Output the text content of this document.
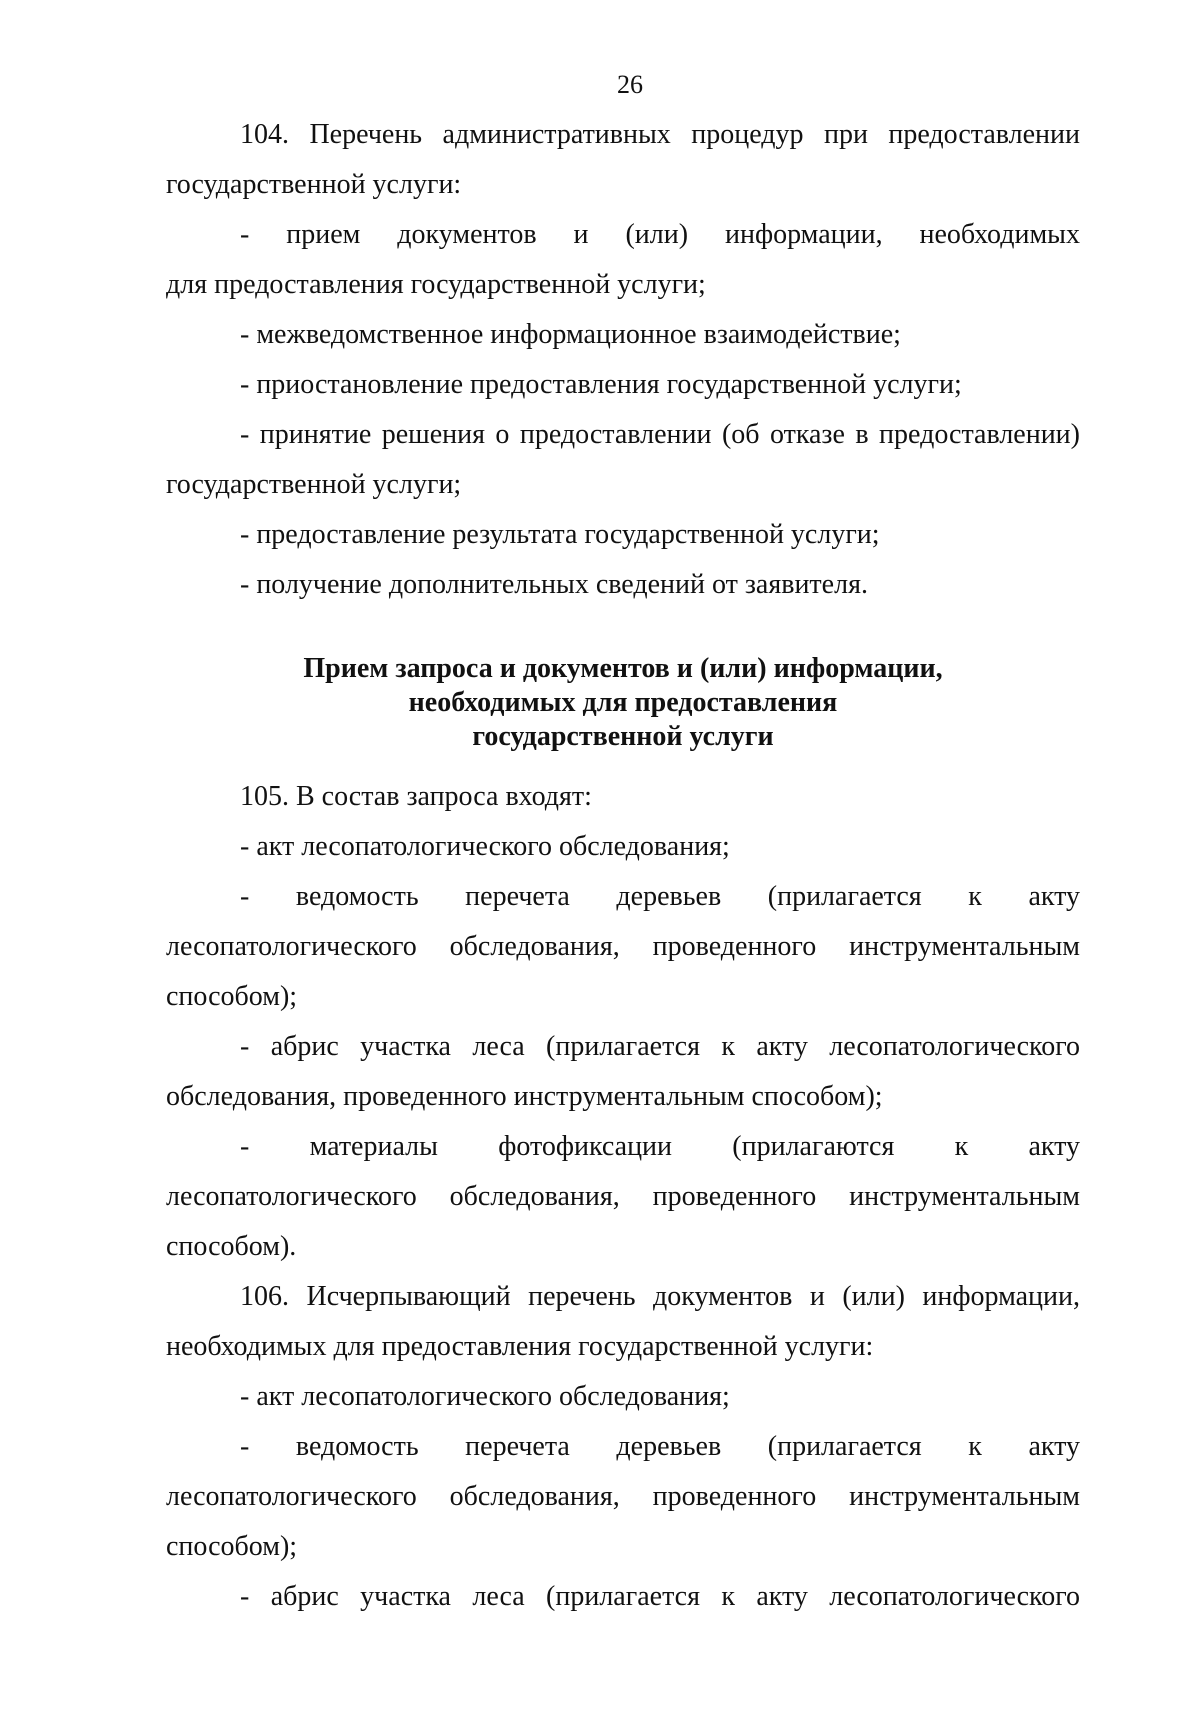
26
104. Перечень административных процедур при предоставлении
государственной услуги:
- прием документов и (или) информации, необходимых
для предоставления государственной услуги;
- межведомственное информационное взаимодействие;
- приостановление предоставления государственной услуги;
- принятие решения о предоставлении (об отказе в предоставлении)
государственной услуги;
- предоставление результата государственной услуги;
- получение дополнительных сведений от заявителя.
Прием запроса и документов и (или) информации,
необходимых для предоставления
государственной услуги
105. В состав запроса входят:
- акт лесопатологического обследования;
- ведомость перечета деревьев (прилагается к акту
лесопатологического обследования, проведенного инструментальным
способом);
- абрис участка леса (прилагается к акту лесопатологического
обследования, проведенного инструментальным способом);
- материалы фотофиксации (прилагаются к акту
лесопатологического обследования, проведенного инструментальным
способом).
106. Исчерпывающий перечень документов и (или) информации,
необходимых для предоставления государственной услуги:
- акт лесопатологического обследования;
- ведомость перечета деревьев (прилагается к акту
лесопатологического обследования, проведенного инструментальным
способом);
- абрис участка леса (прилагается к акту лесопатологического
